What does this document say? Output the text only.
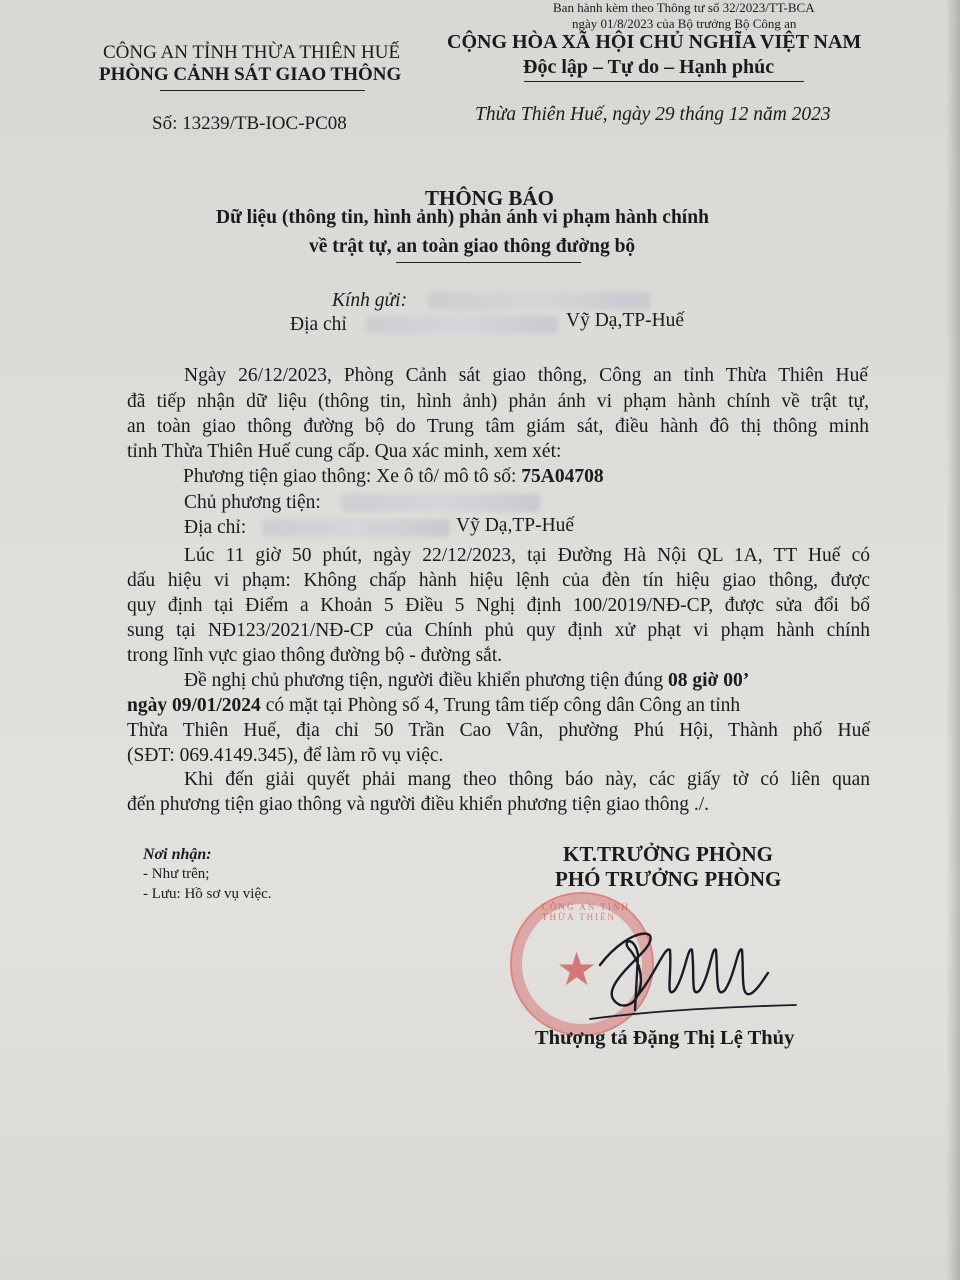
Ban hành kèm theo Thông tư số 32/2023/TT-BCA
ngày 01/8/2023 của Bộ trưởng Bộ Công an
CÔNG AN TỈNH THỪA THIÊN HUẾ
PHÒNG CẢNH SÁT GIAO THÔNG
CỘNG HÒA XÃ HỘI CHỦ NGHĨA VIỆT NAM
Độc lập – Tự do – Hạnh phúc
Số: 13239/TB-IOC-PC08	Thừa Thiên Huế, ngày 29 tháng 12 năm 2023
THÔNG BÁO
Dữ liệu (thông tin, hình ảnh) phản ánh vi phạm hành chính
về trật tự, an toàn giao thông đường bộ
Kính gửi:
Địa chỉ	Vỹ Dạ,TP-Huế
Ngày 26/12/2023, Phòng Cảnh sát giao thông, Công an tỉnh Thừa Thiên Huế
đã tiếp nhận dữ liệu (thông tin, hình ảnh) phản ánh vi phạm hành chính về trật tự,
an toàn giao thông đường bộ do Trung tâm giám sát, điều hành đô thị thông minh
tỉnh Thừa Thiên Huế cung cấp. Qua xác minh, xem xét:
Phương tiện giao thông: Xe ô tô/ mô tô số: 75A04708
Chủ phương tiện:
Địa chỉ:	Vỹ Dạ,TP-Huế
Lúc 11 giờ 50 phút, ngày 22/12/2023, tại Đường Hà Nội QL 1A, TT Huế có
dấu hiệu vi phạm: Không chấp hành hiệu lệnh của đèn tín hiệu giao thông, được
quy định tại Điểm a Khoản 5 Điều 5 Nghị định 100/2019/NĐ-CP, được sửa đổi bổ
sung tại NĐ123/2021/NĐ-CP của Chính phủ quy định xử phạt vi phạm hành chính
trong lĩnh vực giao thông đường bộ - đường sắt.
Đề nghị chủ phương tiện, người điều khiển phương tiện đúng 08 giờ 00’
ngày 09/01/2024 có mặt tại Phòng số 4, Trung tâm tiếp công dân Công an tỉnh
Thừa Thiên Huế, địa chỉ 50 Trần Cao Vân, phường Phú Hội, Thành phố Huế
(SĐT: 069.4149.345), để làm rõ vụ việc.
Khi đến giải quyết phải mang theo thông báo này, các giấy tờ có liên quan
đến phương tiện giao thông và người điều khiển phương tiện giao thông ./.
Nơi nhận:
- Như trên;
- Lưu: Hồ sơ vụ việc.
KT.TRƯỞNG PHÒNG
PHÓ TRƯỞNG PHÒNG
CÔNG AN TỈNH THỪA THIÊN
★
Thượng tá Đặng Thị Lệ Thủy
